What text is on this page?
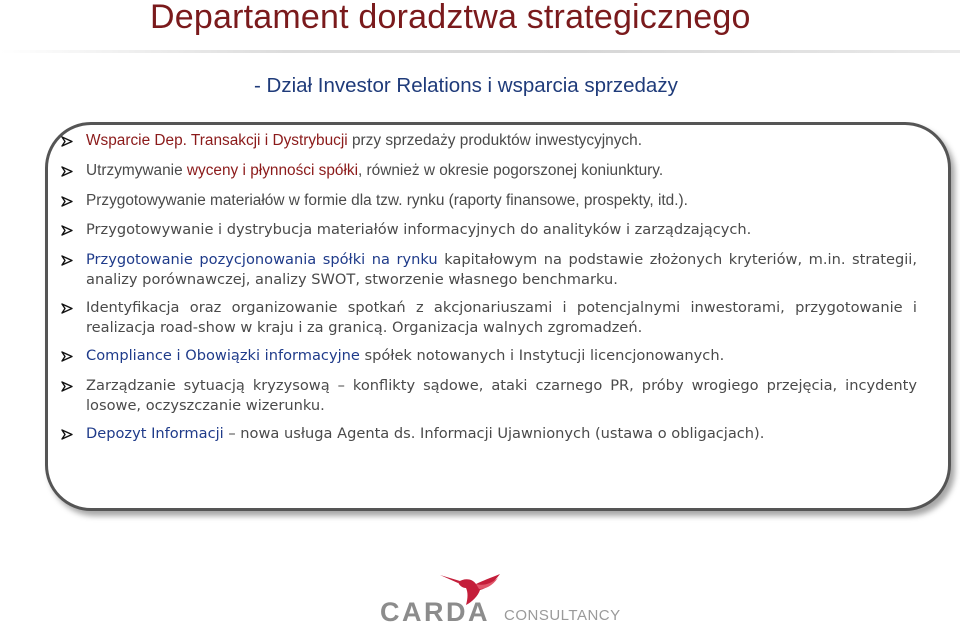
Departament doradztwa strategicznego
- Dział Investor Relations i wsparcia sprzedaży
Wsparcie Dep. Transakcji i Dystrybucji przy sprzedaży produktów inwestycyjnych.
Utrzymywanie wyceny i płynności spółki, również w okresie pogorszonej koniunktury.
Przygotowywanie materiałów w formie dla tzw. rynku (raporty finansowe, prospekty, itd.).
Przygotowywanie i dystrybucja materiałów informacyjnych do analityków i zarządzających.
Przygotowanie pozycjonowania spółki na rynku kapitałowym na podstawie złożonych kryteriów, m.in. strategii, analizy porównawczej, analizy SWOT, stworzenie własnego benchmarku.
Identyfikacja oraz organizowanie spotkań z akcjonariuszami i potencjalnymi inwestorami, przygotowanie i realizacja road-show w kraju i za granicą. Organizacja walnych zgromadzeń.
Compliance i Obowiązki informacyjne spółek notowanych i Instytucji licencjonowanych.
Zarządzanie sytuacją kryzysową – konflikty sądowe, ataki czarnego PR, próby wrogiego przejęcia, incydenty losowe, oczyszczanie wizerunku.
Depozyt Informacji – nowa usługa Agenta ds. Informacji Ujawnionych (ustawa o obligacjach).
CARDA CONSULTANCY
